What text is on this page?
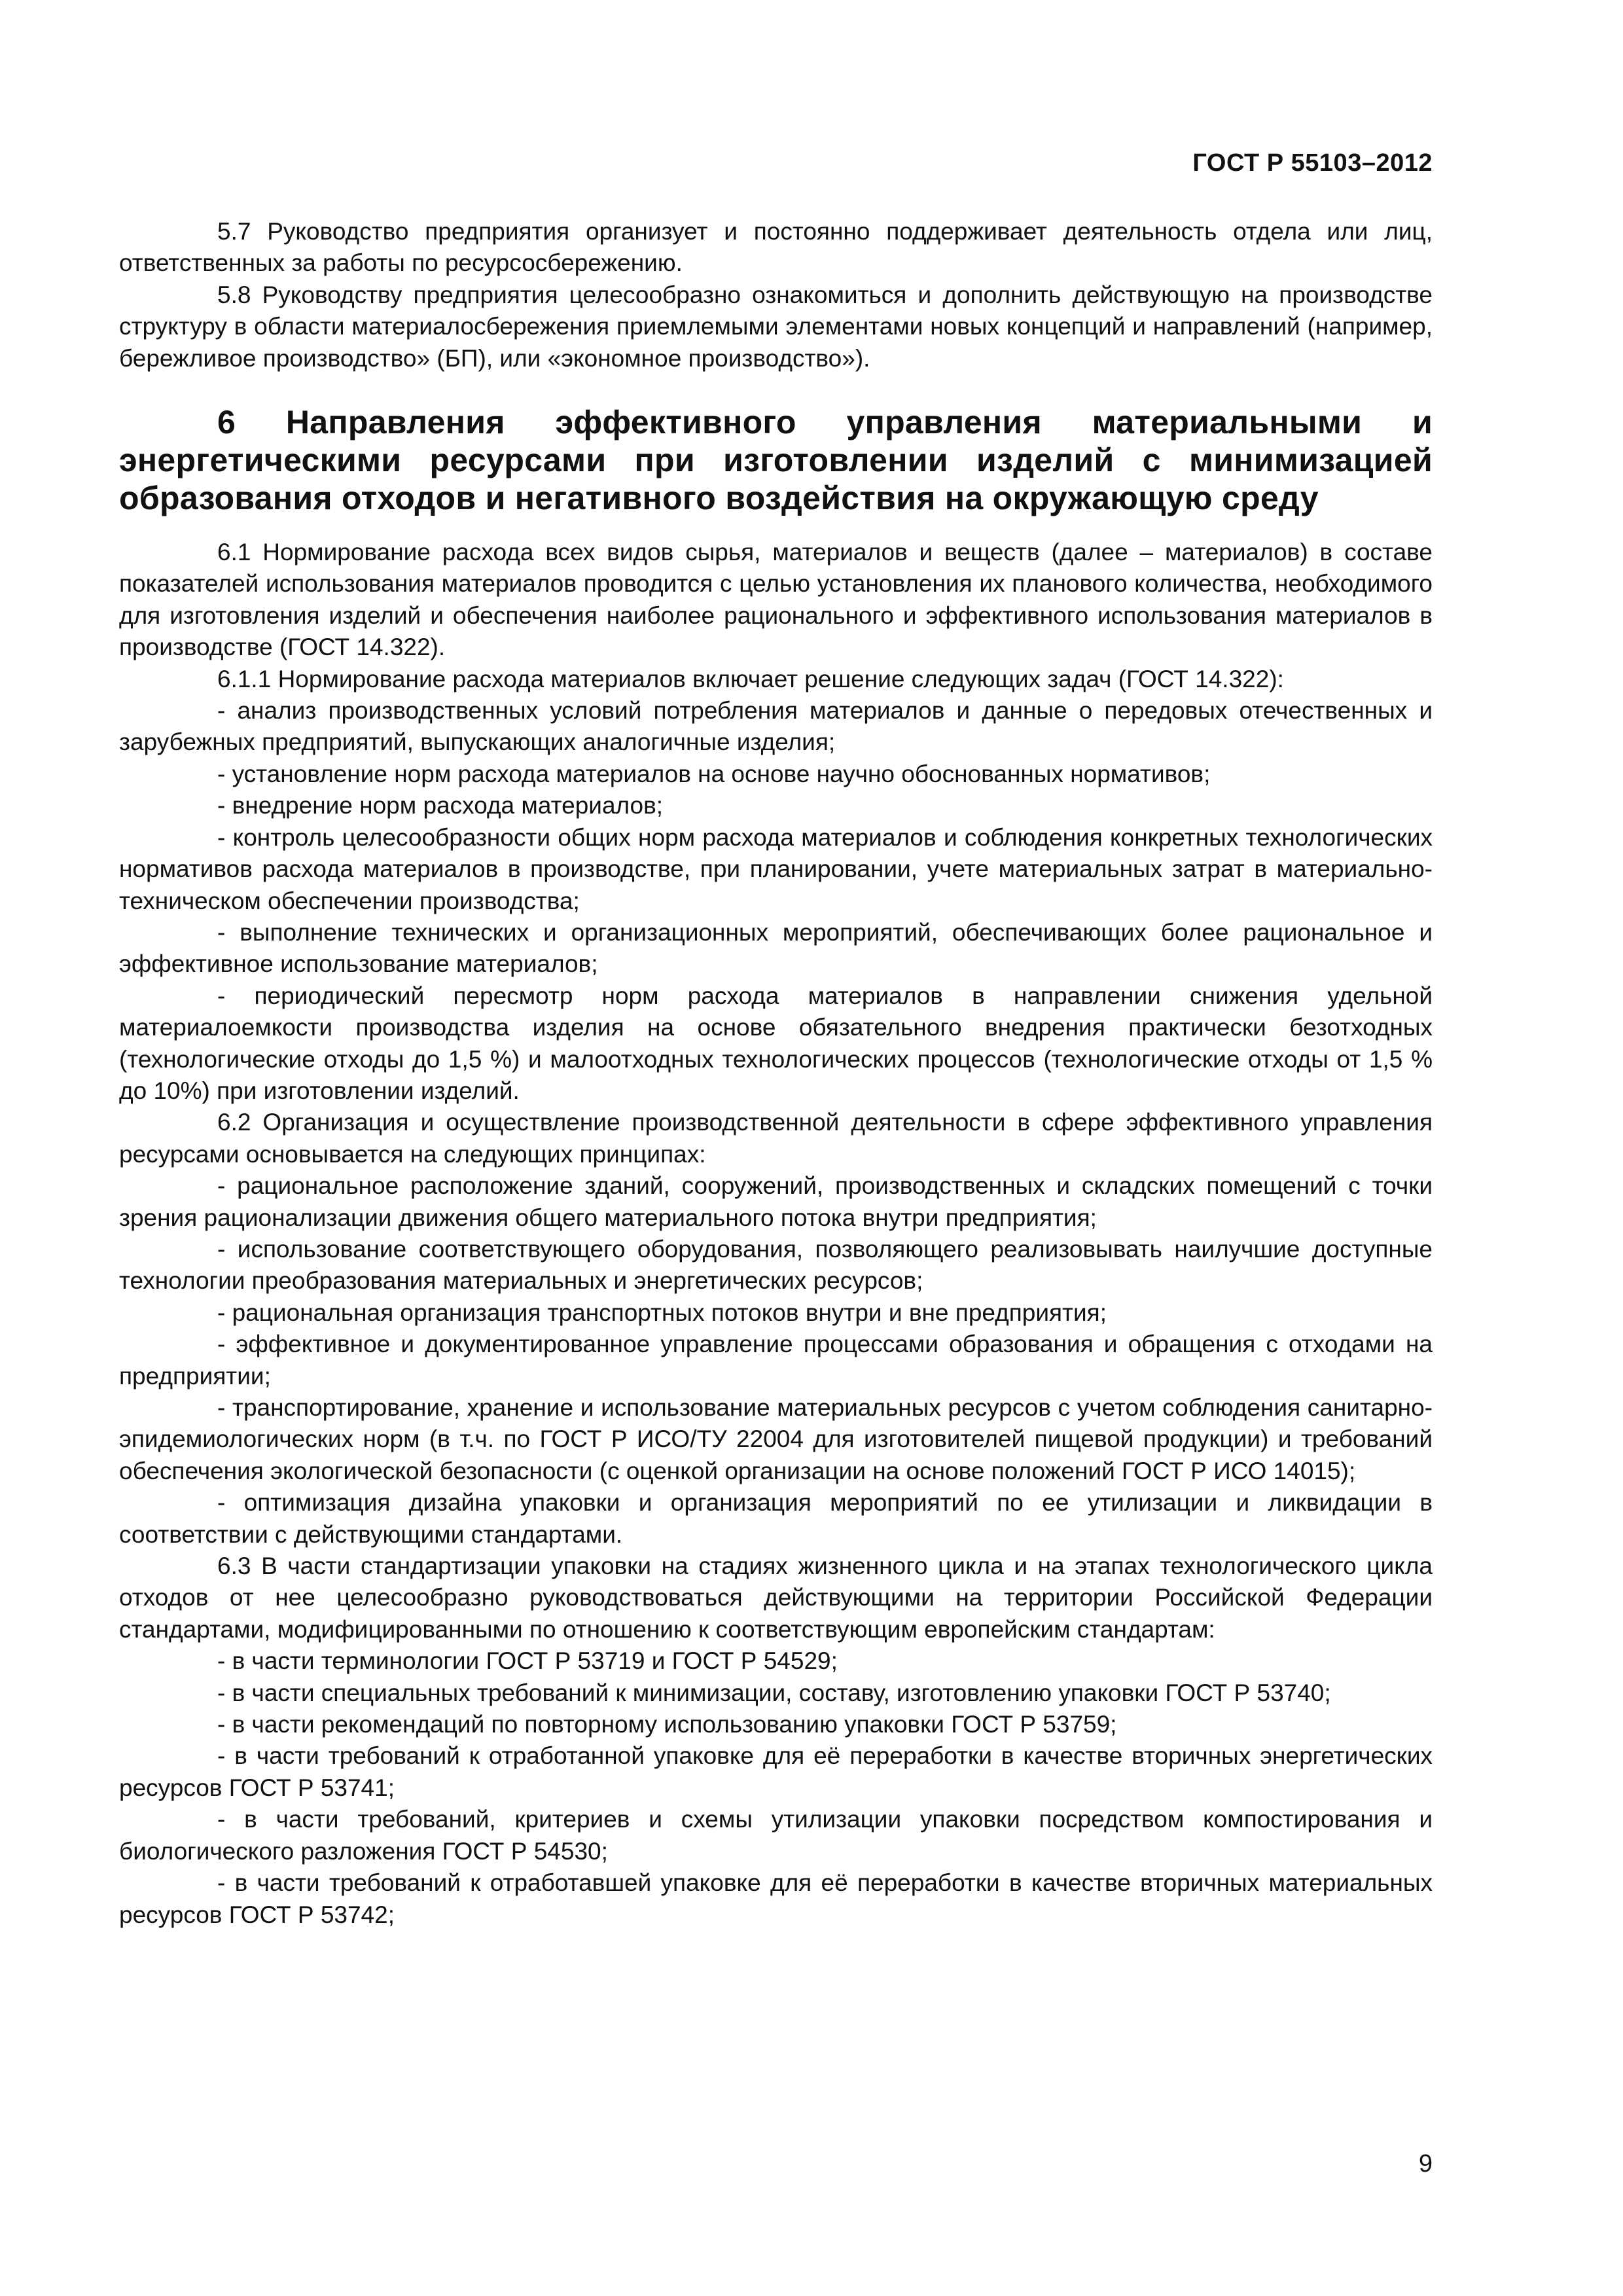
ГОСТ Р 55103–2012

5.7 Руководство предприятия организует и постоянно поддерживает деятельность отдела или лиц, ответственных за работы по ресурсосбережению.

5.8 Руководству предприятия целесообразно ознакомиться и дополнить действующую на производстве структуру в области материалосбережения приемлемыми элементами новых концепций и направлений (например, бережливое производство» (БП), или «экономное производство»).

6 Направления эффективного управления материальными и энергетическими ресурсами при изготовлении изделий с минимизацией образования отходов и негативного воздействия на окружающую среду

6.1 Нормирование расхода всех видов сырья, материалов и веществ (далее – материалов) в составе показателей использования материалов проводится с целью установления их планового количества, необходимого для изготовления изделий и обеспечения наиболее рационального и эффективного использования материалов в производстве (ГОСТ 14.322).

6.1.1 Нормирование расхода материалов включает решение следующих задач (ГОСТ 14.322):

- анализ производственных условий потребления материалов и данные о передовых отечественных и зарубежных предприятий, выпускающих аналогичные изделия;

- установление норм расхода материалов на основе научно обоснованных нормативов;

- внедрение норм расхода материалов;

- контроль целесообразности общих норм расхода материалов и соблюдения конкретных технологических нормативов расхода материалов в производстве, при планировании, учете материальных затрат в материально-техническом обеспечении производства;

- выполнение технических и организационных мероприятий, обеспечивающих более рациональное и эффективное использование материалов;

- периодический пересмотр норм расхода материалов в направлении снижения удельной материалоемкости производства изделия на основе обязательного внедрения практически безотходных (технологические отходы до 1,5 %) и малоотходных технологических процессов (технологические отходы от 1,5 % до 10%) при изготовлении изделий.

6.2 Организация и осуществление производственной деятельности в сфере эффективного управления ресурсами основывается на следующих принципах:

- рациональное расположение зданий, сооружений, производственных и складских помещений с точки зрения рационализации движения общего материального потока внутри предприятия;

- использование соответствующего оборудования, позволяющего реализовывать наилучшие доступные технологии преобразования материальных и энергетических ресурсов;

- рациональная организация транспортных потоков внутри и вне предприятия;

- эффективное и документированное управление процессами образования и обращения с отходами на предприятии;

- транспортирование, хранение и использование материальных ресурсов с учетом соблюдения санитарно-эпидемиологических норм (в т.ч. по ГОСТ Р ИСО/ТУ 22004 для изготовителей пищевой продукции) и требований обеспечения экологической безопасности (с оценкой организации на основе положений ГОСТ Р ИСО 14015);

- оптимизация дизайна упаковки и организация мероприятий по ее утилизации и ликвидации в соответствии с действующими стандартами.

6.3 В части стандартизации упаковки на стадиях жизненного цикла и на этапах технологического цикла отходов от нее целесообразно руководствоваться действующими на территории Российской Федерации стандартами, модифицированными по отношению к соответствующим европейским стандартам:

- в части терминологии ГОСТ Р 53719 и ГОСТ Р 54529;

- в части специальных требований к минимизации, составу, изготовлению упаковки ГОСТ Р 53740;

- в части рекомендаций по повторному использованию упаковки ГОСТ Р 53759;

- в части требований к отработанной упаковке для её переработки в качестве вторичных энергетических ресурсов ГОСТ Р 53741;

- в части требований, критериев и схемы утилизации упаковки посредством компостирования и биологического разложения ГОСТ Р 54530;

- в части требований к отработавшей упаковке для её переработки в качестве вторичных материальных ресурсов ГОСТ Р 53742;

9
